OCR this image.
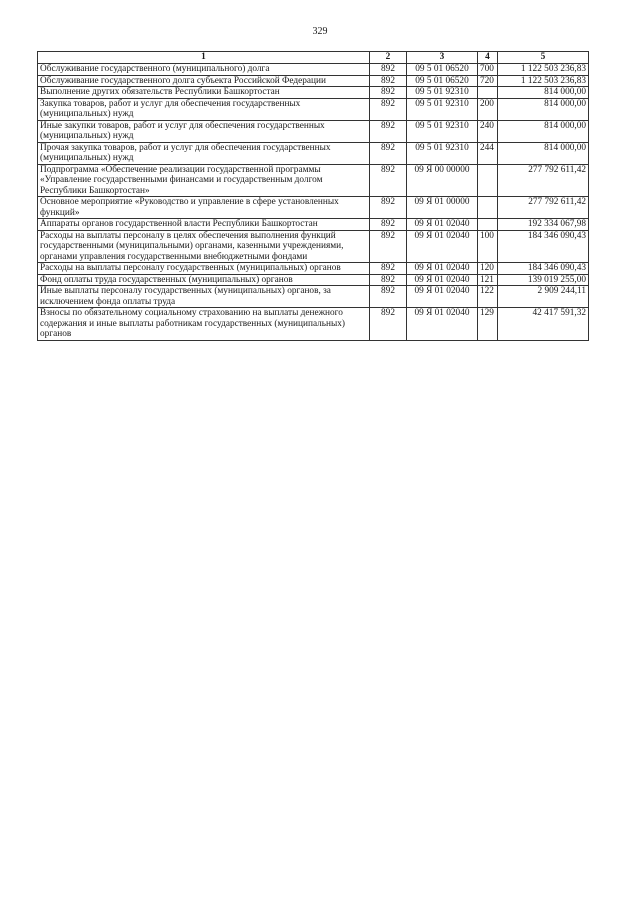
329
1	2	3	4	5
Обслуживание государственного (муниципального) долга	892	09 5 01 06520	700	1 122 503 236,83
Обслуживание государственного долга субъекта Российской Федерации	892	09 5 01 06520	720	1 122 503 236,83
Выполнение других обязательств Республики Башкортостан	892	09 5 01 92310		814 000,00
Закупка товаров, работ и услуг для обеспечения государственных (муниципальных) нужд	892	09 5 01 92310	200	814 000,00
Иные закупки товаров, работ и услуг для обеспечения государственных (муниципальных) нужд	892	09 5 01 92310	240	814 000,00
Прочая закупка товаров, работ и услуг для обеспечения государственных (муниципальных) нужд	892	09 5 01 92310	244	814 000,00
Подпрограмма «Обеспечение реализации государственной программы «Управление государственными финансами и государственным долгом Республики Башкортостан»	892	09 Я 00 00000		277 792 611,42
Основное мероприятие «Руководство и управление в сфере установленных функций»	892	09 Я 01 00000		277 792 611,42
Аппараты органов государственной власти Республики Башкортостан	892	09 Я 01 02040		192 334 067,98
Расходы на выплаты персоналу в целях обеспечения выполнения функций государственными (муниципальными) органами, казенными учреждениями, органами управления государственными внебюджетными фондами	892	09 Я 01 02040	100	184 346 090,43
Расходы на выплаты персоналу государственных (муниципальных) органов	892	09 Я 01 02040	120	184 346 090,43
Фонд оплаты труда государственных (муниципальных) органов	892	09 Я 01 02040	121	139 019 255,00
Иные выплаты персоналу государственных (муниципальных) органов, за исключением фонда оплаты труда	892	09 Я 01 02040	122	2 909 244,11
Взносы по обязательному социальному страхованию на выплаты денежного содержания и иные выплаты работникам государственных (муниципальных) органов	892	09 Я 01 02040	129	42 417 591,32
